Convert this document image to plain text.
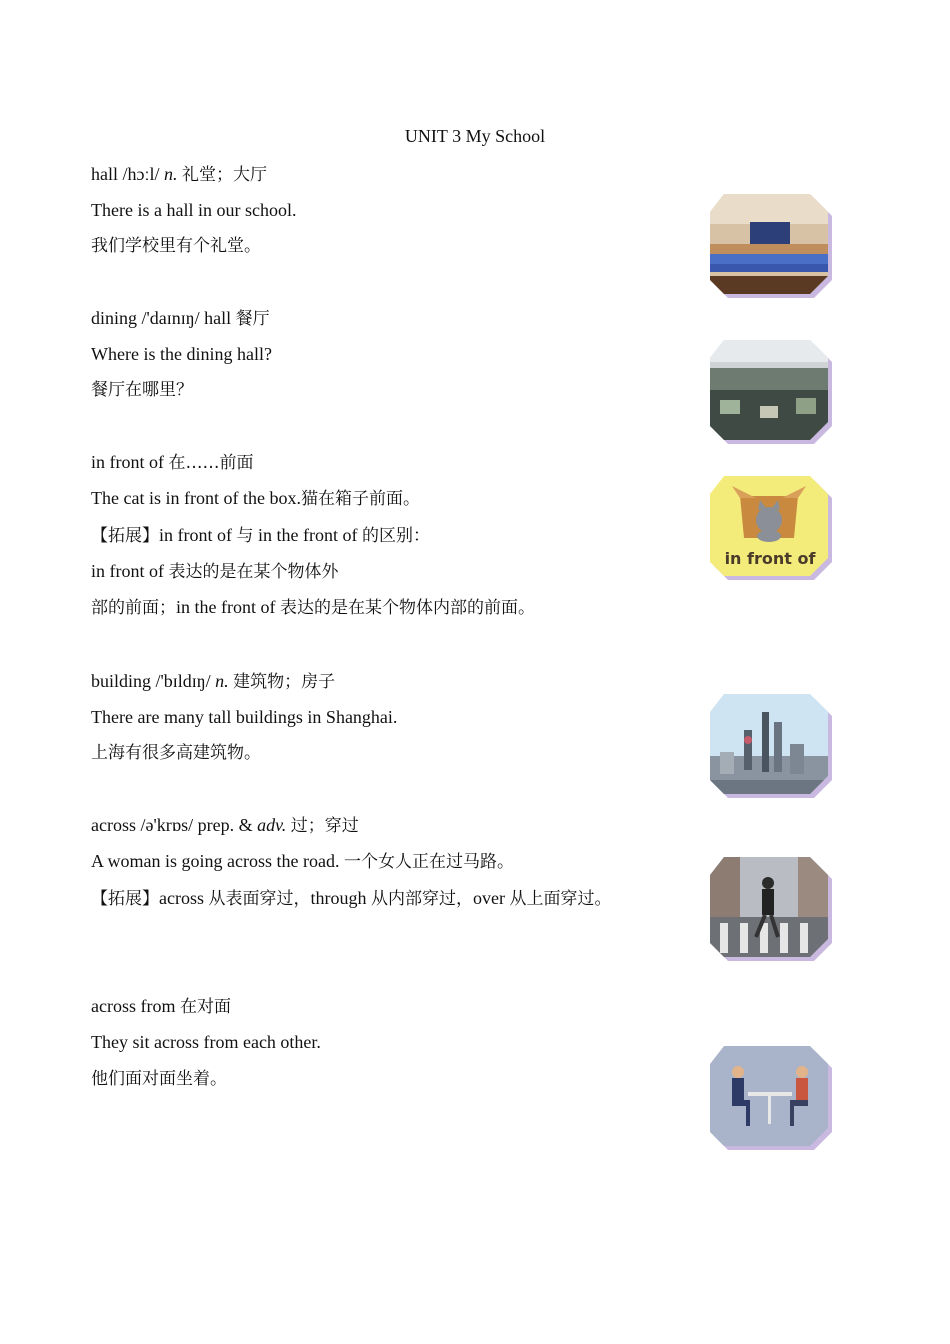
UNIT 3 My School
hall /hɔːl/ n. 礼堂；大厅
There is a hall in our school.
我们学校里有个礼堂。
dining /'daɪnɪŋ/ hall 餐厅
Where is the dining hall?
餐厅在哪里？
in front of 在……前面
The cat is in front of the box.猫在箱子前面。
【拓展】in front of 与 in the front of 的区别：
in front of 表达的是在某个物体外
部的前面；in the front of 表达的是在某个物体内部的前面。
building /'bɪldɪŋ/ n. 建筑物；房子
There are many tall buildings in Shanghai.
上海有很多高建筑物。
across /ə'krɒs/ prep. & adv. 过；穿过
A woman is going across the road. 一个女人正在过马路。
【拓展】across 从表面穿过，through 从内部穿过，over 从上面穿过。
across from 在对面
They sit across from each other.
他们面对面坐着。
in front of
